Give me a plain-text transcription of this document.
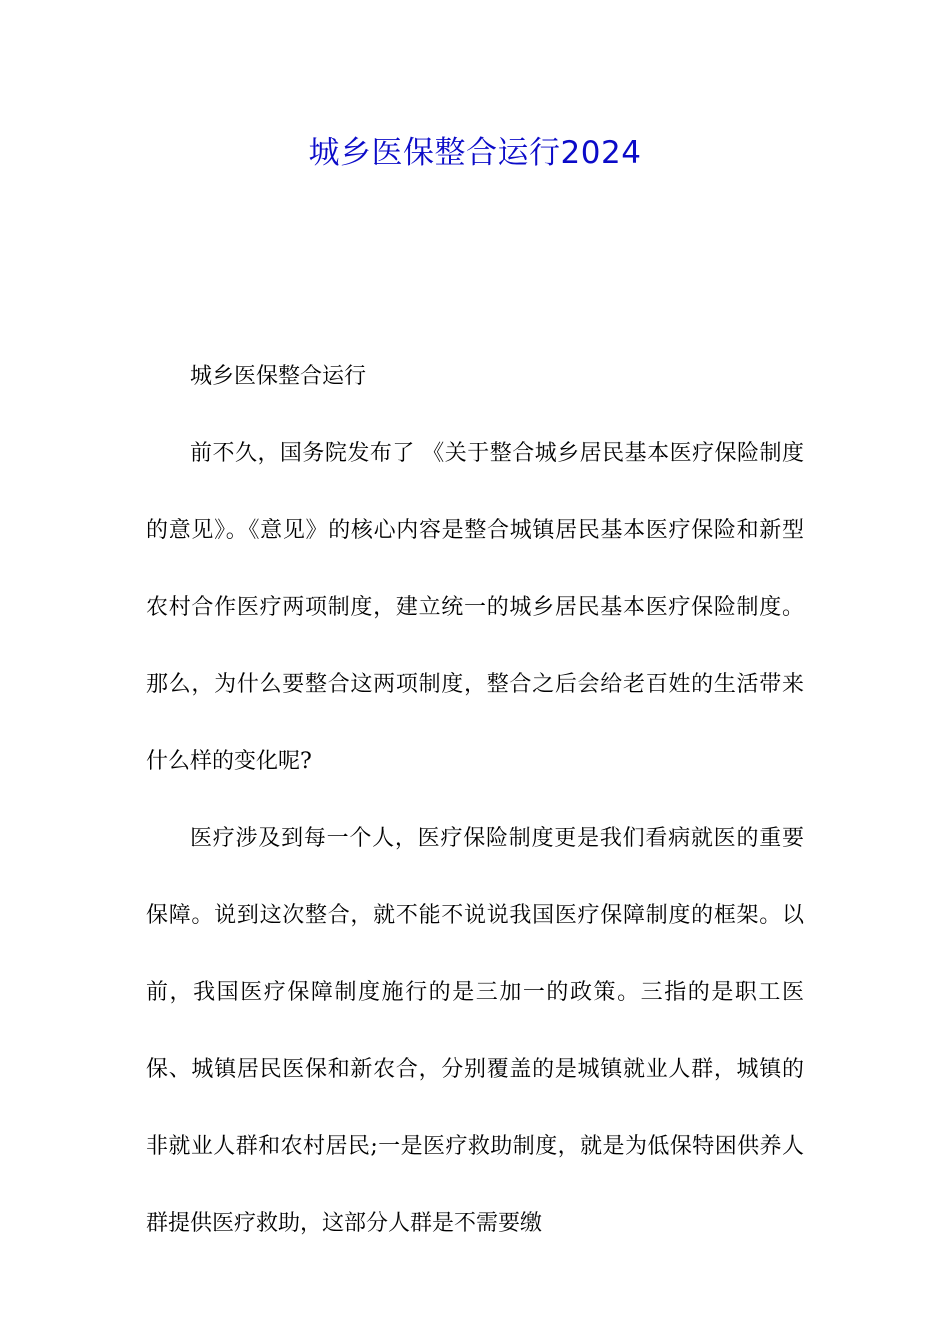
城乡医保整合运行2024

城乡医保整合运行

前不久，国务院发布了 《关于整合城乡居民基本医疗保险制度的意见》。《意见》的核心内容是整合城镇居民基本医疗保险和新型农村合作医疗两项制度，建立统一的城乡居民基本医疗保险制度。那么，为什么要整合这两项制度，整合之后会给老百姓的生活带来什么样的变化呢?

医疗涉及到每一个人，医疗保险制度更是我们看病就医的重要保障。说到这次整合，就不能不说说我国医疗保障制度的框架。以前，我国医疗保障制度施行的是三加一的政策。三指的是职工医保、城镇居民医保和新农合，分别覆盖的是城镇就业人群，城镇的非就业人群和农村居民;一是医疗救助制度，就是为低保特困供养人群提供医疗救助，这部分人群是不需要缴
